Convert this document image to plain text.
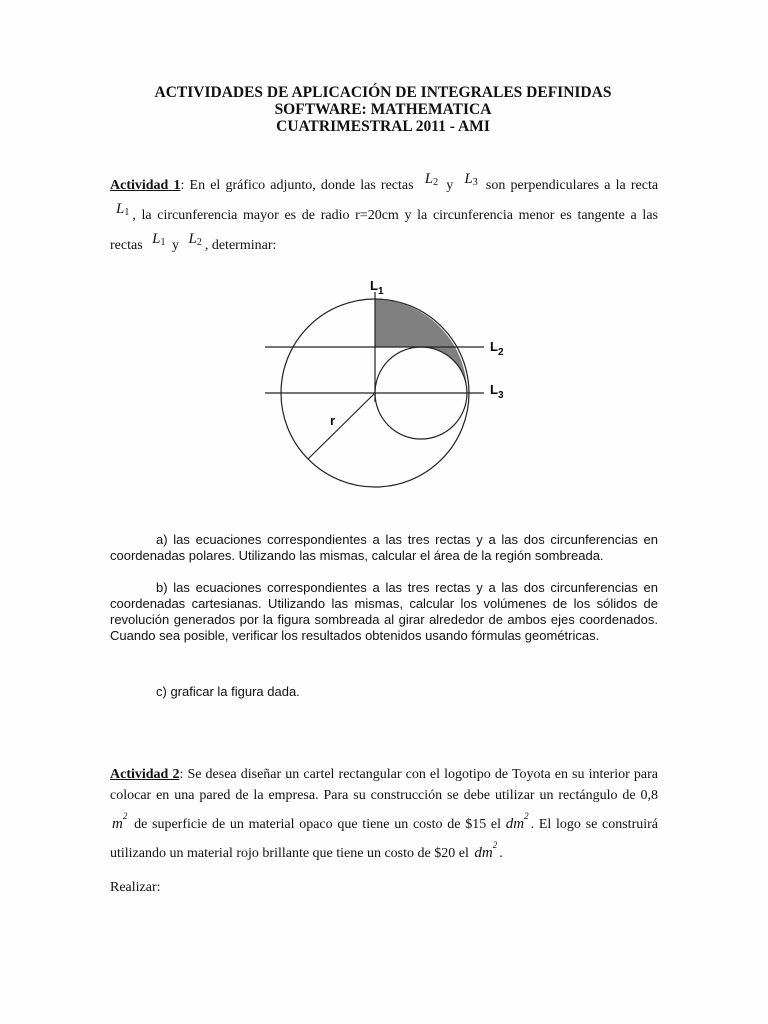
ACTIVIDADES DE APLICACIÓN DE INTEGRALES DEFINIDAS
SOFTWARE: MATHEMATICA
CUATRIMESTRAL 2011 - AMI
Actividad 1: En el gráfico adjunto, donde las rectas $L_2$ y $L_3$ son perpendiculares a la recta $L_1$ , la circunferencia mayor es de radio r=20cm y la circunferencia menor es tangente a las rectas $L_1$ y $L_2$ , determinar:
$L_1$
$L_2$
$L_3$
r
a) las ecuaciones correspondientes a las tres rectas y a las dos circunferencias en coordenadas polares. Utilizando las mismas, calcular el área de la región sombreada.
b) las ecuaciones correspondientes a las tres rectas y a las dos circunferencias en coordenadas cartesianas. Utilizando las mismas, calcular los volúmenes de los sólidos de revolución generados por la figura sombreada al girar alrededor de ambos ejes coordenados. Cuando sea posible, verificar los resultados obtenidos usando fórmulas geométricas.
c) graficar la figura dada.
Actividad 2: Se desea diseñar un cartel rectangular con el logotipo de Toyota en su interior para colocar en una pared de la empresa. Para su construcción se debe utilizar un rectángulo de 0,8 $m^2$ de superficie de un material opaco que tiene un costo de $15 el $dm^2$. El logo se construirá utilizando un material rojo brillante que tiene un costo de $20 el $dm^2$.
Realizar:
